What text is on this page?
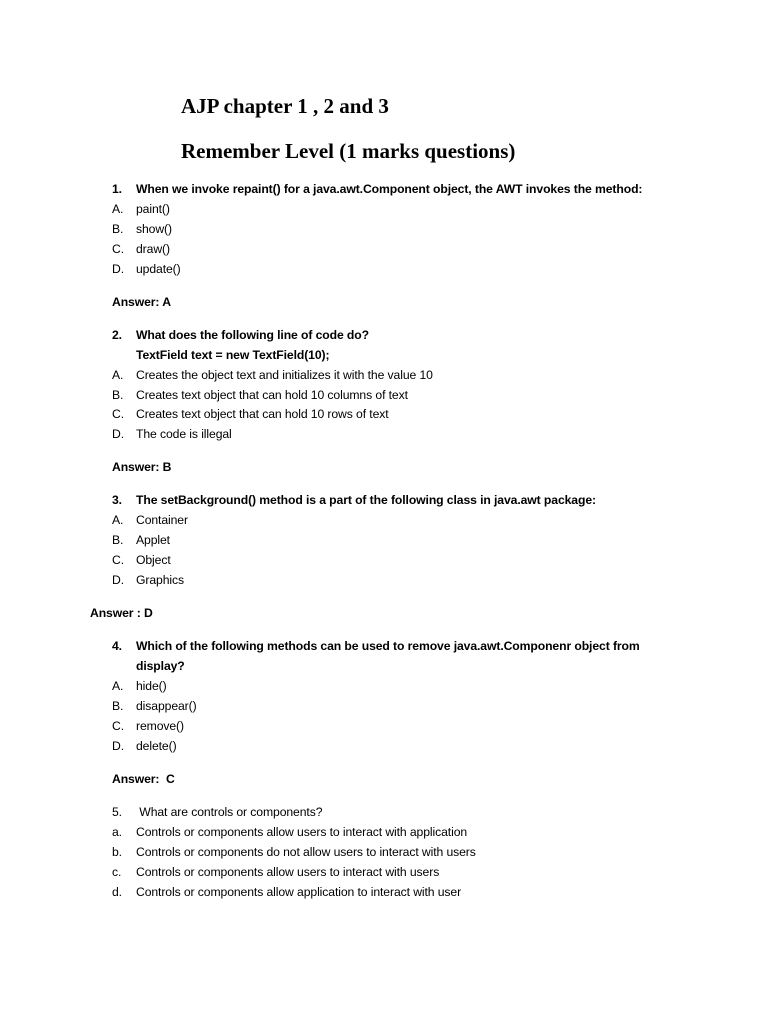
AJP chapter 1 , 2 and 3
Remember Level (1 marks questions)
1. When we invoke repaint() for a java.awt.Component object, the AWT invokes the method:
A. paint()
B. show()
C. draw()
D. update()
Answer: A
2. What does the following line of code do?
TextField text = new TextField(10);
A. Creates the object text and initializes it with the value 10
B. Creates text object that can hold 10 columns of text
C. Creates text object that can hold 10 rows of text
D. The code is illegal
Answer: B
3. The setBackground() method is a part of the following class in java.awt package:
A. Container
B. Applet
C. Object
D. Graphics
Answer : D
4. Which of the following methods can be used to remove java.awt.Componenr object from
display?
A. hide()
B. disappear()
C. remove()
D. delete()
Answer:  C
5. What are controls or components?
a. Controls or components allow users to interact with application
b. Controls or components do not allow users to interact with users
c. Controls or components allow users to interact with users
d. Controls or components allow application to interact with user
